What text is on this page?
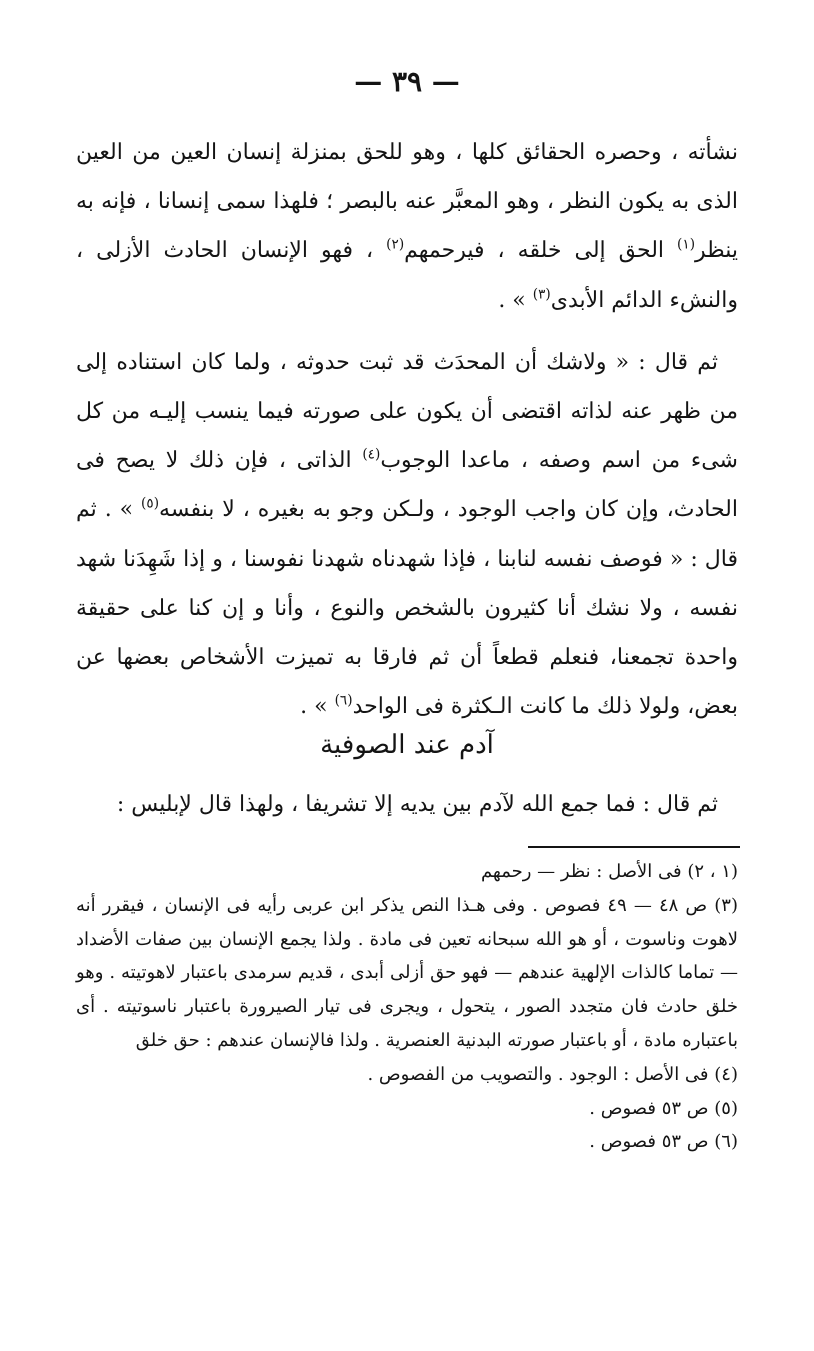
— ٣٩ —

نشأته ، وحصره الحقائق كلها ، وهو للحق بمنزلة إنسان العين من العين الذى به يكون النظر ، وهو المعبَّر عنه بالبصر ؛ فلهذا سمى إنسانا ، فإنه به ينظر$^{(١)}$ الحق إلى خلقه ، فيرحمهم$^{(٢)}$ ، فهو الإنسان الحادث الأزلى ، والنشء الدائم الأبدى$^{(٣)}$ » .

ثم قال : « ولاشك أن المحدَث قد ثبت حدوثه ، ولما كان استناده إلى من ظهر عنه لذاته اقتضى أن يكون على صورته فيما ينسب إليـه من كل شىء من اسم وصفه ، ماعدا الوجوب$^{(٤)}$ الذاتى ، فإن ذلك لا يصح فى الحادث، وإن كان واجب الوجود ، ولـكن وجو به بغيره ، لا بنفسه$^{(٥)}$ » . ثم قال : « فوصف نفسه لنابنا ، فإذا شهدناه شهدنا نفوسنا ، و إذا شَهِدَنا شهد نفسه ، ولا نشك أنا كثيرون بالشخص والنوع ، وأنا و إن كنا على حقيقة واحدة تجمعنا، فنعلم قطعاً أن ثم فارقا به تميزت الأشخاص بعضها عن بعض، ولولا ذلك ما كانت الـكثرة فى الواحد$^{(٦)}$ » .

آدم عند الصوفية
ثم قال : فما جمع الله لآدم بين يديه إلا تشريفا ، ولهذا قال لإبليس :

(١ ، ٢) فى الأصل : نظر — رحمهم

(٣) ص ٤٨ — ٤٩ فصوص . وفى هـذا النص يذكر ابن عربى رأيه فى الإنسان ، فيقرر أنه لاهوت وناسوت ، أو هو الله سبحانه تعين فى مادة . ولذا يجمع الإنسان بين صفات الأضداد — تماما كالذات الإلهية عندهم — فهو حق أزلى أبدى ، قديم سرمدى باعتبار لاهوتيته . وهو خلق حادث فان متجدد الصور ، يتحول ، ويجرى فى تيار الصيرورة باعتبار ناسوتيته . أى باعتباره مادة ، أو باعتبار صورته البدنية العنصرية . ولذا فالإنسان عندهم : حق خلق

(٤) فى الأصل : الوجود . والتصويب من الفصوص .

(٥) ص ٥٣ فصوص .

(٦) ص ٥٣ فصوص .
